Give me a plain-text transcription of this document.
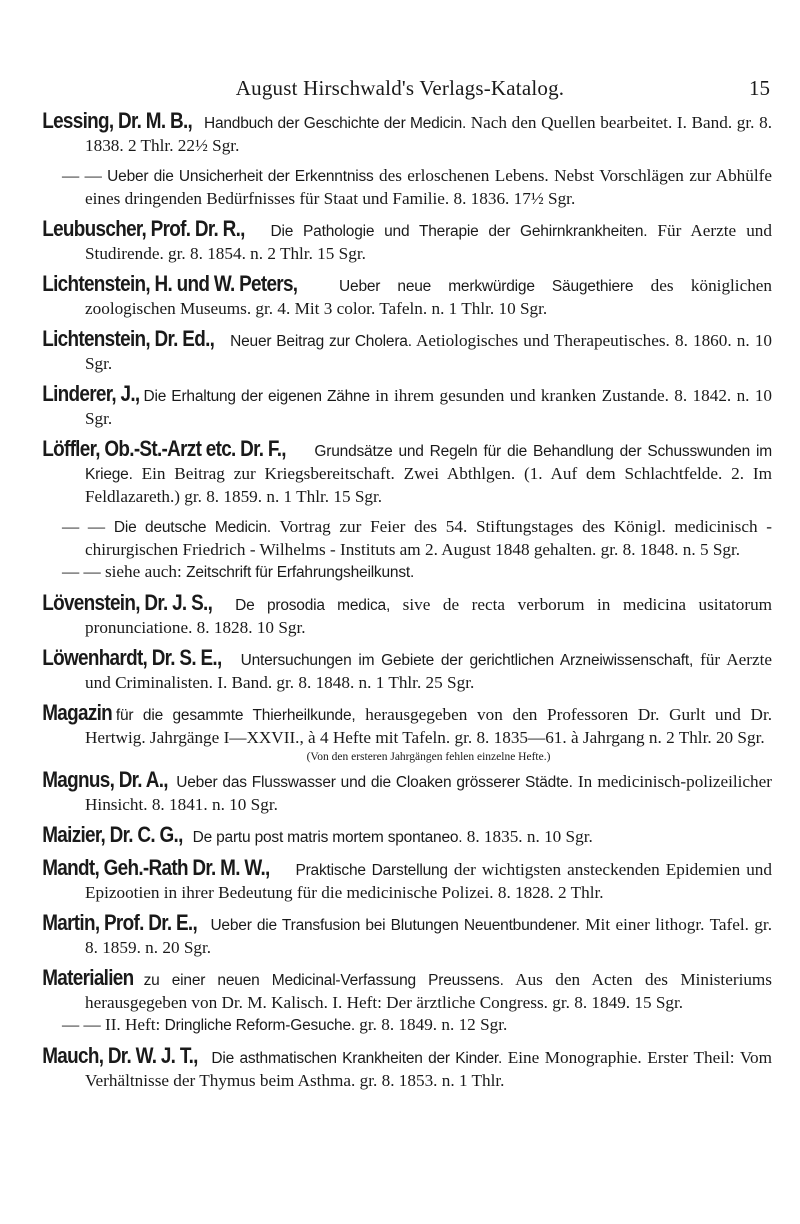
August Hirschwald's Verlags-Katalog.	15

Lessing, Dr. M. B., Handbuch der Geschichte der Medicin. Nach den Quellen bearbeitet. I. Band. gr. 8. 1838. 2 Thlr. 22½ Sgr.

— — Ueber die Unsicherheit der Erkenntniss des erloschenen Lebens. Nebst Vorschlägen zur Abhülfe eines dringenden Bedürfnisses für Staat und Familie. 8. 1836. 17½ Sgr.

Leubuscher, Prof. Dr. R., Die Pathologie und Therapie der Gehirnkrankheiten. Für Aerzte und Studirende. gr. 8. 1854. n. 2 Thlr. 15 Sgr.

Lichtenstein, H. und W. Peters,	Ueber neue merkwürdige Säugethiere des königlichen zoologischen Museums. gr. 4. Mit 3 color. Tafeln. n. 1 Thlr. 10 Sgr.

Lichtenstein, Dr. Ed., Neuer Beitrag zur Cholera. Aetiologisches und Therapeutisches. 8. 1860. n. 10 Sgr.

Linderer, J., Die Erhaltung der eigenen Zähne in ihrem gesunden und kranken Zustande. 8. 1842. n. 10 Sgr.

Löffler, Ob.-St.-Arzt etc. Dr. F., Grundsätze und Regeln für die Behandlung der Schusswunden im Kriege. Ein Beitrag zur Kriegsbereitschaft. Zwei Abthlgen. (1. Auf dem Schlachtfelde. 2. Im Feldlazareth.) gr. 8. 1859. n. 1 Thlr. 15 Sgr.

— — Die deutsche Medicin. Vortrag zur Feier des 54. Stiftungstages des Königl. medicinisch - chirurgischen Friedrich - Wilhelms - Instituts am 2. August 1848 gehalten. gr. 8. 1848. n. 5 Sgr.

— — siehe auch: Zeitschrift für Erfahrungsheilkunst.

Lövenstein, Dr. J. S., De prosodia medica, sive de recta verborum in medicina usitatorum pronunciatione. 8. 1828. 10 Sgr.

Löwenhardt, Dr. S. E., Untersuchungen im Gebiete der gerichtlichen Arzneiwissenschaft, für Aerzte und Criminalisten. I. Band. gr. 8. 1848. n. 1 Thlr. 25 Sgr.

Magazin für die gesammte Thierheilkunde, herausgegeben von den Professoren Dr. Gurlt und Dr. Hertwig. Jahrgänge I—XXVII., à 4 Hefte mit Tafeln. gr. 8. 1835—61. à Jahrgang n. 2 Thlr. 20 Sgr.

(Von den ersteren Jahrgängen fehlen einzelne Hefte.)

Magnus, Dr. A., Ueber das Flusswasser und die Cloaken grösserer Städte. In medicinisch-polizeilicher Hinsicht. 8. 1841. n. 10 Sgr.

Maizier, Dr. C. G., De partu post matris mortem spontaneo. 8. 1835. n. 10 Sgr.

Mandt, Geh.-Rath Dr. M. W., Praktische Darstellung der wichtigsten ansteckenden Epidemien und Epizootien in ihrer Bedeutung für die medicinische Polizei. 8. 1828. 2 Thlr.

Martin, Prof. Dr. E., Ueber die Transfusion bei Blutungen Neuentbundener. Mit einer lithogr. Tafel. gr. 8. 1859. n. 20 Sgr.

Materialien zu einer neuen Medicinal-Verfassung Preussens. Aus den Acten des Ministeriums herausgegeben von Dr. M. Kalisch. I. Heft: Der ärztliche Congress. gr. 8. 1849. 15 Sgr.

— — II. Heft: Dringliche Reform-Gesuche. gr. 8. 1849. n. 12 Sgr.

Mauch, Dr. W. J. T., Die asthmatischen Krankheiten der Kinder. Eine Monographie. Erster Theil: Vom Verhältnisse der Thymus beim Asthma. gr. 8. 1853. n. 1 Thlr.
